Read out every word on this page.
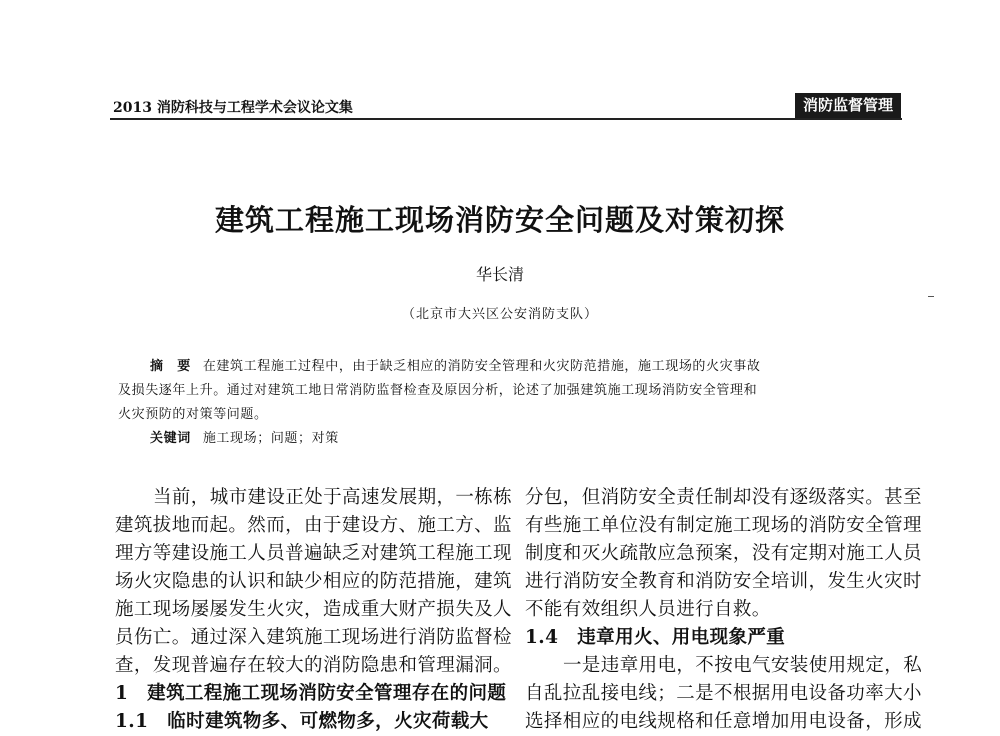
2013 消防科技与工程学术会议论文集	消防监督管理
建筑工程施工现场消防安全问题及对策初探
华长清
（北京市大兴区公安消防支队）
摘　要 在建筑工程施工过程中，由于缺乏相应的消防安全管理和火灾防范措施，施工现场的火灾事故
及损失逐年上升。通过对建筑工地日常消防监督检查及原因分析，论述了加强建筑施工现场消防安全管理和
火灾预防的对策等问题。
关键词 施工现场；问题；对策
当前，城市建设正处于高速发展期，一栋栋
建筑拔地而起。然而，由于建设方、施工方、监
理方等建设施工人员普遍缺乏对建筑工程施工现
场火灾隐患的认识和缺少相应的防范措施，建筑
施工现场屡屡发生火灾，造成重大财产损失及人
员伤亡。通过深入建筑施工现场进行消防监督检
查，发现普遍存在较大的消防隐患和管理漏洞。
1　建筑工程施工现场消防安全管理存在的问题
1.1　临时建筑物多、可燃物多，火灾荷载大
分包，但消防安全责任制却没有逐级落实。甚至
有些施工单位没有制定施工现场的消防安全管理
制度和灭火疏散应急预案，没有定期对施工人员
进行消防安全教育和消防安全培训，发生火灾时
不能有效组织人员进行自救。
1.4　违章用火、用电现象严重
一是违章用电，不按电气安装使用规定，私
自乱拉乱接电线；二是不根据用电设备功率大小
选择相应的电线规格和任意增加用电设备，形成
